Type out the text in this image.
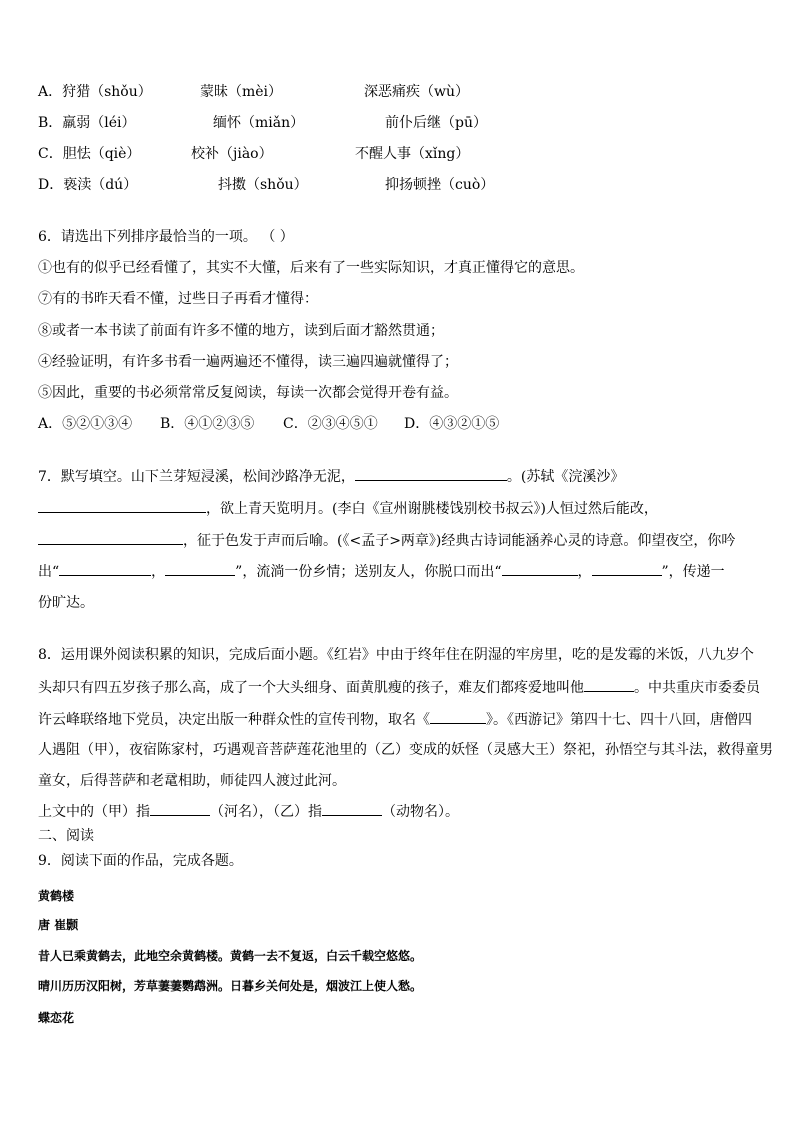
A．狩猎（shǒu）	蒙昧（mèi）	深恶痛疾（wù）
B．羸弱（léi）	缅怀（miǎn）	前仆后继（pū）
C．胆怯（qiè）	校补（jiào）	不醒人事（xǐng）
D．亵渎（dú）	抖擞（shǒu）	抑扬顿挫（cuò）
6．请选出下列排序最恰当的一项。 （ ）
①也有的似乎已经看懂了，其实不大懂，后来有了一些实际知识，才真正懂得它的意思。
⑦有的书昨天看不懂，过些日子再看才懂得：
⑧或者一本书读了前面有许多不懂的地方，读到后面才豁然贯通；
④经验证明，有许多书看一遍两遍还不懂得，读三遍四遍就懂得了；
⑤因此，重要的书必须常常反复阅读，每读一次都会觉得开卷有益。
A．⑤②①③④ B．④①②③⑤ C．②③④⑤① D．④③②①⑤
7．默写填空。山下兰芽短浸溪，松间沙路净无泥，	。(苏轼《浣溪沙》
，欲上青天览明月。(李白《宣州谢朓楼饯别校书叔云》)人恒过然后能改，
，征于色发于声而后喻。(《<孟子>两章》)经典古诗词能涵养心灵的诗意。仰望夜空，你吟
出“	，	”，流淌一份乡情；送别友人，你脱口而出“	，	”，传递一
份旷达。
8．运用课外阅读积累的知识，完成后面小题。《红岩》中由于终年住在阴湿的牢房里，吃的是发霉的米饭，八九岁个
头却只有四五岁孩子那么高，成了一个大头细身、面黄肌瘦的孩子，难友们都疼爱地叫他	。中共重庆市委委员
许云峰联络地下党员，决定出版一种群众性的宣传刊物，取名《	》。《西游记》第四十七、四十八回，唐僧四
人遇阻（甲），夜宿陈家村，巧遇观音菩萨莲花池里的（乙）变成的妖怪（灵感大王）祭祀，孙悟空与其斗法，救得童男
童女，后得菩萨和老鼋相助，师徒四人渡过此河。
上文中的（甲）指	（河名），（乙）指	（动物名）。
二、阅读
9．阅读下面的作品，完成各题。
黄鹤楼
唐 崔颢
昔人已乘黄鹤去，此地空余黄鹤楼。黄鹤一去不复返，白云千载空悠悠。
晴川历历汉阳树，芳草萋萋鹦鹉洲。日暮乡关何处是，烟波江上使人愁。
蝶恋花
